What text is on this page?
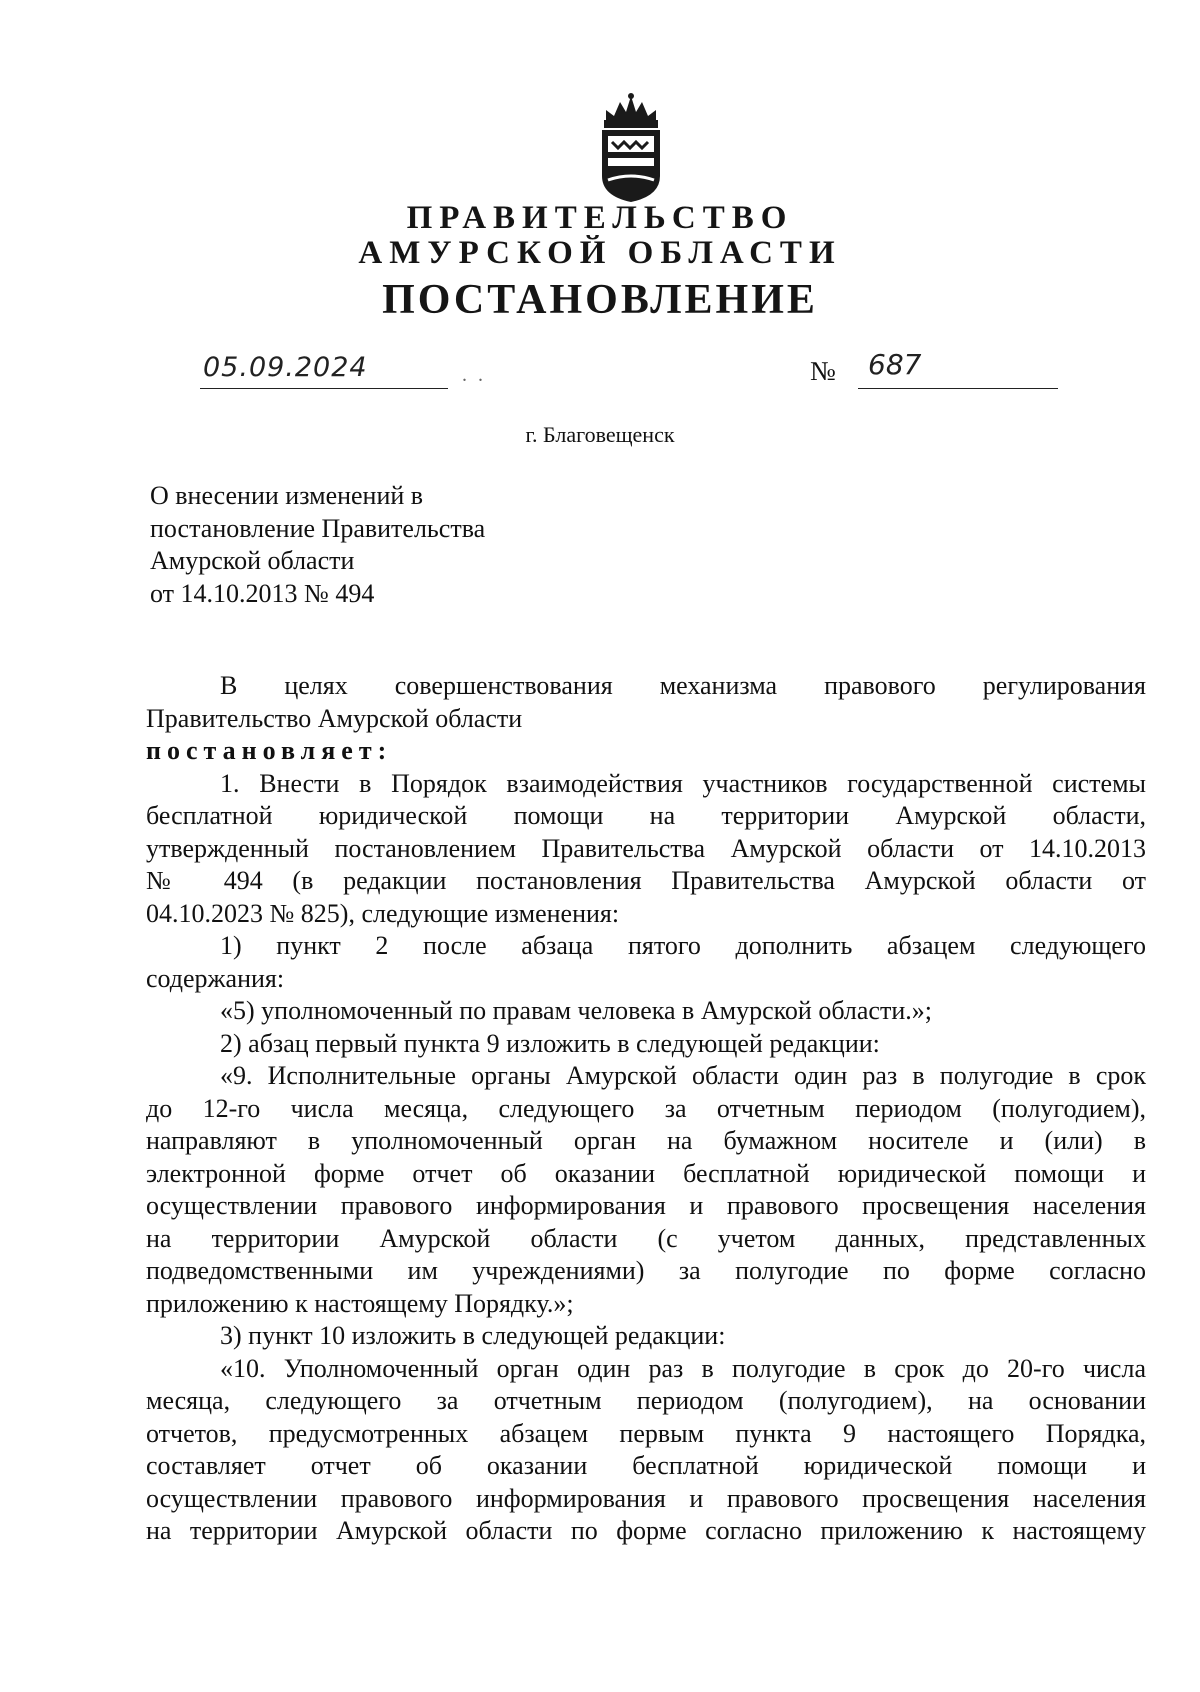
ПРАВИТЕЛЬСТВО
АМУРСКОЙ ОБЛАСТИ
ПОСТАНОВЛЕНИЕ
05.09.2024	. .	№ 687
г. Благовещенск
О внесении изменений в
постановление Правительства
Амурской области
от 14.10.2013 № 494

В целях совершенствования механизма правового регулирования

Правительство Амурской области

постановляет:

1. Внести в Порядок взаимодействия участников государственной системы

бесплатной юридической помощи на территории Амурской области,

утвержденный постановлением Правительства Амурской области от 14.10.2013

№ 494 (в редакции постановления Правительства Амурской области от

04.10.2023 № 825), следующие изменения:

1) пункт 2 после абзаца пятого дополнить абзацем следующего

содержания:

«5) уполномоченный по правам человека в Амурской области.»;

2) абзац первый пункта 9 изложить в следующей редакции:

«9. Исполнительные органы Амурской области один раз в полугодие в срок

до 12-го числа месяца, следующего за отчетным периодом (полугодием),

направляют в уполномоченный орган на бумажном носителе и (или) в

электронной форме отчет об оказании бесплатной юридической помощи и

осуществлении правового информирования и правового просвещения населения

на территории Амурской области (с учетом данных, представленных

подведомственными им учреждениями) за полугодие по форме согласно

приложению к настоящему Порядку.»;

3) пункт 10 изложить в следующей редакции:

«10. Уполномоченный орган один раз в полугодие в срок до 20-го числа

месяца, следующего за отчетным периодом (полугодием), на основании

отчетов, предусмотренных абзацем первым пункта 9 настоящего Порядка,

составляет отчет об оказании бесплатной юридической помощи и

осуществлении правового информирования и правового просвещения населения

на территории Амурской области по форме согласно приложению к настоящему
